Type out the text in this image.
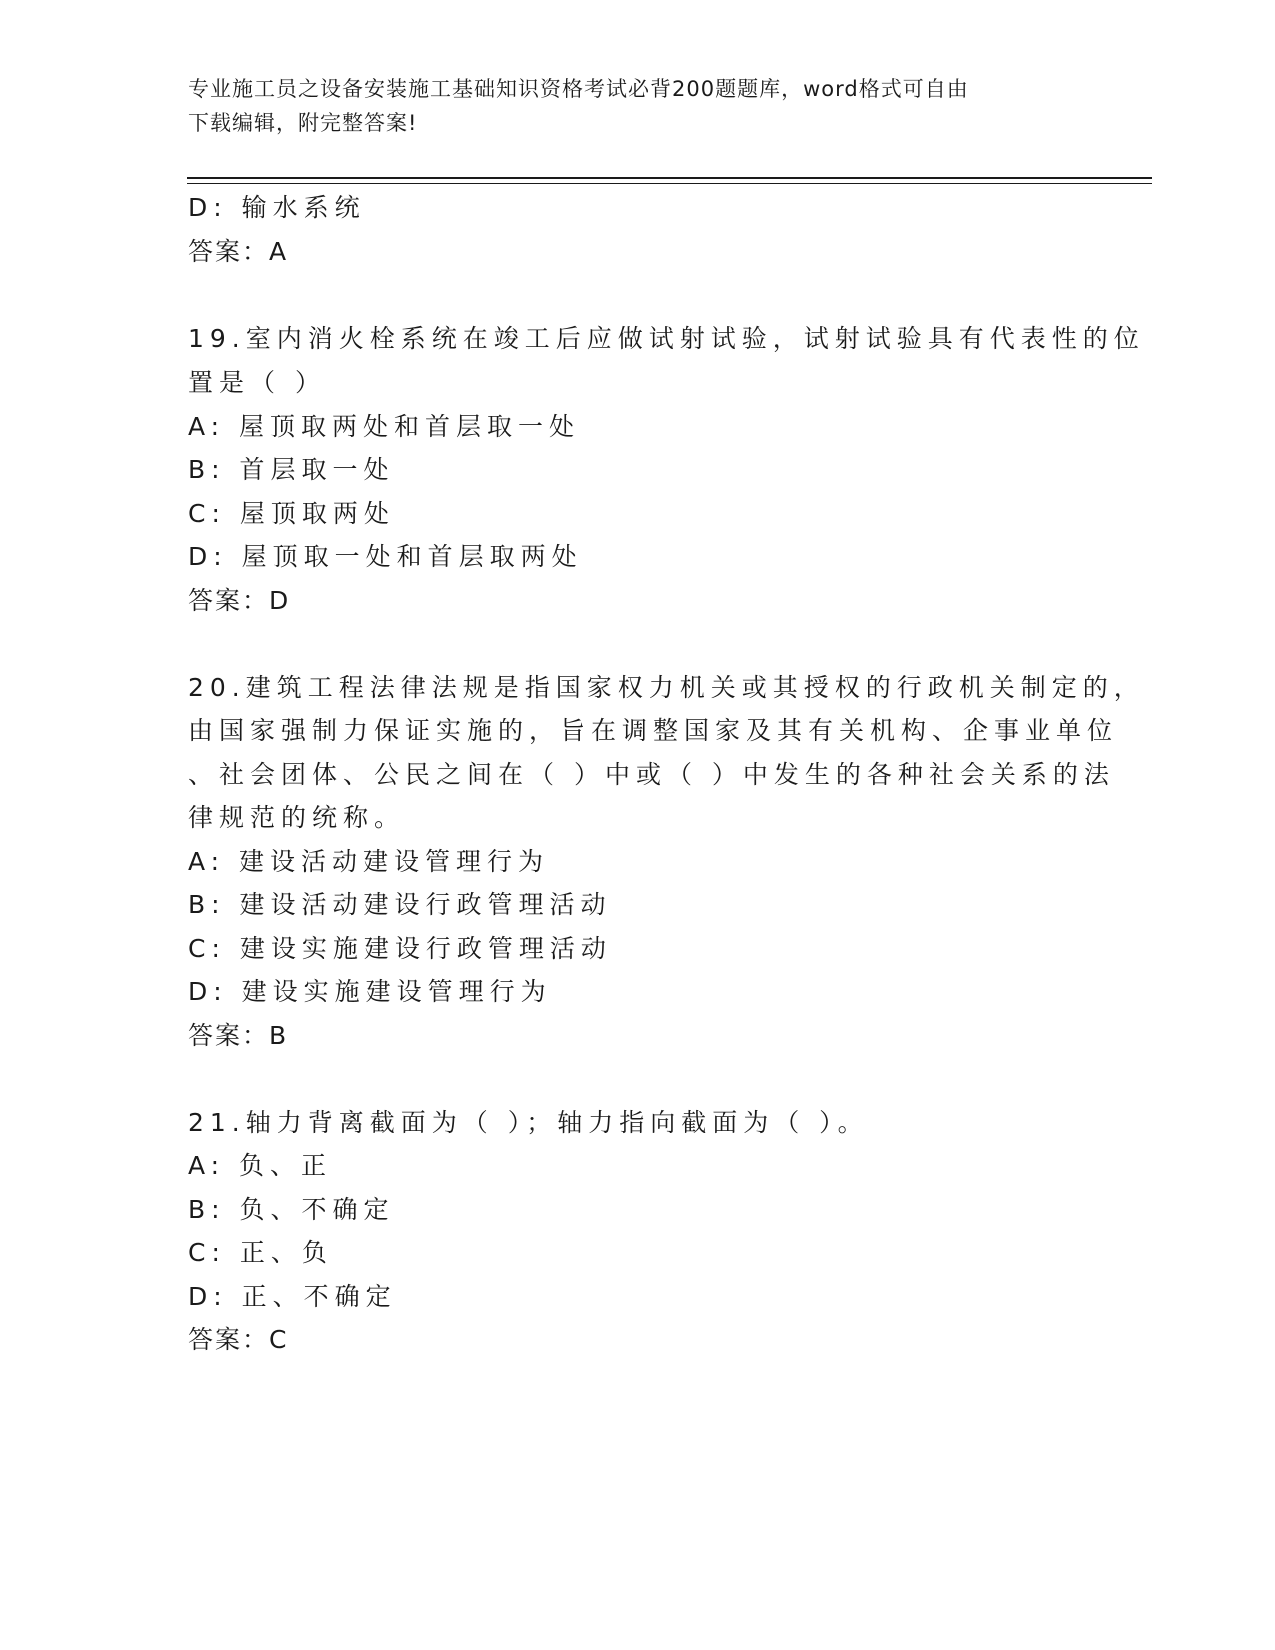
专业施工员之设备安装施工基础知识资格考试必背200题题库，word格式可自由
下载编辑，附完整答案!
D: 输水系统
答案：A
19.室内消火栓系统在竣工后应做试射试验，试射试验具有代表性的位
置是（ ）
A: 屋顶取两处和首层取一处
B: 首层取一处
C: 屋顶取两处
D: 屋顶取一处和首层取两处
答案：D
20.建筑工程法律法规是指国家权力机关或其授权的行政机关制定的，
由国家强制力保证实施的，旨在调整国家及其有关机构、企事业单位
、社会团体、公民之间在（ ）中或（ ）中发生的各种社会关系的法
律规范的统称。
A: 建设活动建设管理行为
B: 建设活动建设行政管理活动
C: 建设实施建设行政管理活动
D: 建设实施建设管理行为
答案：B
21.轴力背离截面为（ ）；轴力指向截面为（ ）。
A: 负、正
B: 负、不确定
C: 正、负
D: 正、不确定
答案：C
